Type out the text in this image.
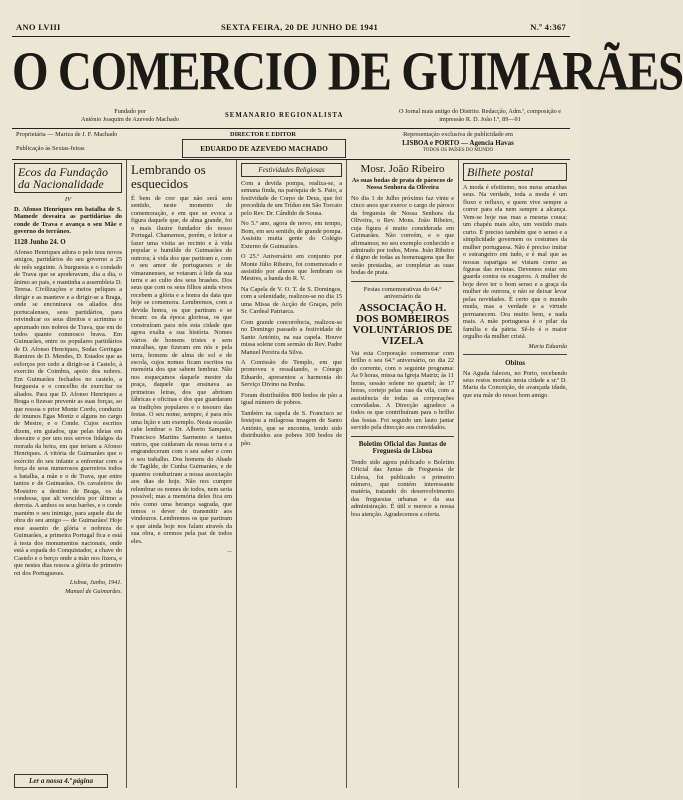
ANO LVIII	SEXTA FEIRA, 20 DE JUNHO DE 1941	N.º 4:367
O COMERCIO DE GUIMARÃES
Fundado por
António Joaquim de Azevedo Machado	SEMANARIO REGIONALISTA
O Jornal mais antigo do Distrito. Redacção, Adm.ª, composição e impressão R. D. João I.º, 89—91
Proprietária — Mariza de J. F. Machado
Publicação às Sextas-feiras
DIRECTOR E EDITOR
EDUARDO DE AZEVEDO MACHADO
Representação exclusiva de publicidade em
LISBOA e PORTO — Agencia Havas
TODOS OS PAÍSES DO MUNDO

Ecos da Fundação da Nacionalidade

IV

D. Afonso Henriques em batalha de S. Mamede desvaira as partidárias do conde de Trava e avança o seu Mãe e governo do terrâneo.

1128 Junho 24. O

Afonso Henriques adora o pelo teus novos amigos, partidários do seu governo a 25 de mês seguinte. A burguesia e o condado de Trava que se apoderavam, dia a dia, o ânimo ao pais, e mantinha a assembleia D. Teresa. Civilizações e meios peliques a dirigir e as manteve e a dirigir-se a Braga, onde se encontrava os aliados dos portucalenses, seus partidários, para reivindicar os seus direitos e acrimina o aprumado nos nobres de Trava, que em de todos quanto comnosco brava. Em Guimarães, entre os populares partidários de D. Afonso Henriques, Sodas Geringas Ramires de D. Mendes, D. Estados que as esforços por cedo a dirigir-se à Castelo, à exercito de Coimbra, apoio dos nobres. Em Guimarães fechados no castelo, a burguesia e o concelho de exercitar os aliados. Para que D. Afonso Henriques a Braga o fizesse prevenir as suas forças, ao que ressoa o prior Monte Cordo, conduziu de imunos Egas Moniz e alguns no cargo de Mestre, e o Conde. Cujos escritos dizem, em guiados, que pelas ideias em desvaire e por uns nos servos fidalgos da morada da beira, em que teriam a Afonso Henriques. A vitória de Guimarães que o exército do seu infante a enfrentar com a força de seus numerosos guerreiros todos a batalha, a mãe e o de Trava, que entre tantos e de Guimarães. Os cavaleiros do Mosteiro a destino de Braga, os da condessa, que ali vencidos por último a derrota. A ambos os seus barões, e o conde mantém o seu inimigo, para aquele dia de obra do seu amigo — de Guimarães! Hoje esse assento de glória e nobreza de Guimarães, a primeira Portugal fica e está à testa dos monumentos nacionais, onde está a espada do Conquistador, a chave do Castelo e o berço onde a mão nos fizera, e que nestes dias ressoa a glória do primeiro rei dos Portugueses.

Lisboa, Junho, 1941.

Manuel de Guimarães.

Ler a nossa 4.ª página

Lembrando os esquecidos

É bem de crer que não será sem sentido, neste momento de comemoração, e em que se evoca a figura daquele que, de alma grande, foi o mais ilustre fundador do nosso Portugal. Chamemos, porém, o leitor a fazer uma visita ao recinto e à vida popular e humilde de Guimarães de outrora; à vida dos que partiram e, com o seu amor de portugueses e de vimaranenses, se votaram à lide da sua terra e ao culto dos seus brasões. Dos seus que com os seus filhos ainda vivos recebem a glória e a honra da data que hoje se comemora. Lembremos, com a devida honra, os que partiram e se foram: os da época gloriosa, os que construíram para nós esta cidade que agora exalta a sua história. Nomes vários de homens tristes e sem muralhas, que fizeram em nós e pela terra, homens de alma de sol e de escola, cujos nomes ficam escritos na memória dos que sabem lembrar. Não nos esqueçamos daquele mestre da praça, daquele que ensinava as primeiras letras, dos que abriram fábricas e oficinas e dos que guardaram as tradições populares e o tesouro das festas. O seu nome, sempre, é para nós uma lição e um exemplo. Nesta ocasião cabe lembrar o Dr. Alberto Sampaio, Francisco Martins Sarmento e tantos outros, que cuidaram da nossa terra e a engrandeceram com o seu saber e com o seu trabalho. Dos homens do Abade de Tagilde, de Cunha Guimarães, e de quantos conduziram a nossa associação aos dias de hoje. Não nos cumpre relembrar os nomes de todos, nem seria possível; mas a memória deles fica em nós como uma herança sagrada, que temos o dever de transmitir aos vindouros. Lembremos os que partiram e que ainda hoje nos falam através da sua obra, e oremos pela paz de todos eles.

...

Festividades Religiosas

Com a devida pompa, realiza-se, a semana finda, na paróquia de S. Paio, a festividade de Corpo de Deus, que foi precedida de um Tríduo em São Torcato pelo Rev. Dr. Cândido de Sousa.

No 5.º ano, agora de novo, em tempo, Bom, em seu sentido, de grande pompa. Assistiu muita gente do Colégio Externo de Guimarães.

O 25.º Aniversário em conjunto por Monte Júlio Ribeiro, foi comemorado e assistido por alunos que lembram os Mestres, a banda do R. V.

Na Capela de V. O. T. de S. Domingos, com a solenidade, realizou-se no dia 15 uma Missa de Acção de Graças, pelo Sr. Cardeal Patriarca.

Com grande concorrência, realizou-se no Domingo passado a festividade de Santo António, na sua capela. Houve missa solene com sermão do Rev. Padre Manuel Pereira da Silva.

A Comissão do Templo, em que promoveu e ressaltando, o Cónego Eduardo, apresentou a harmonia do Serviço Divino na Penha.

Foram distribuídos 800 bodos de pão a igual número de pobres.

Também na capela de S. Francisco se festejou a milagrosa imagem de Santo António, que se encontra, tendo sido distribuídos aos pobres 300 bodos de pão.

Mosr. João Ribeiro

As suas bodas de prata de párocos de Nossa Senhora da Oliveira

No dia 1 de Julho próximo faz vinte e cinco anos que exerce o cargo de pároco da freguesia de Nossa Senhora da Oliveira, o Rev. Mons. João Ribeiro, cuja figura é muito considerada em Guimarães. Não convém, e o que afirmamos; no seu exemplo conhecido e admirado por todos, Mons. João Ribeiro é digno de todas as homenagens que lhe serão prestadas, ao completar as suas bodas de prata.

Festas comemorativas do 64.º aniversário da

ASSOCIAÇÃO H. DOS BOMBEIROS VOLUNTÁRIOS DE VIZELA

Vai esta Corporação comemorar com brilho o seu 64.º aniversário, no dia 22 do corrente, com o seguinte programa: Às 9 horas, missa na Igreja Matriz; às 11 horas, sessão solene no quartel; às 17 horas, cortejo pelas ruas da vila, com a assistência de todas as corporações convidadas. A Direcção agradece a todos os que contribuíram para o brilho das festas. Foi seguido um lauto jantar servido pela direcção aos convidados.

Boletim Oficial das Juntas de Freguesia de Lisboa

Tendo sido agora publicado o Boletim Oficial das Juntas de Freguesia de Lisboa, foi publicado o primeiro número, que contém interessante matéria, tratando do desenvolvimento das freguesias urbanas e da sua administração. É útil e merece a nossa boa atenção. Agradecemos a oferta.

Bilhete postal

A moda é efeitismo, nos meus amanhas seus. Na verdade, toda a moda é um fluxo e refluxo, e quem vive sempre a correr para ela nem sempre a alcança. Vem-se hoje nas ruas a mesma cousa; um chapéu mais alto, um vestido mais curto. É preciso também que o senso e a simplicidade governem os costumes da mulher portuguesa. Não é preciso imitar o estrangeiro em tudo, e é mal que as nossas raparigas se vistam como as figuras das revistas. Devemos estar em guarda contra os exageros. A mulher de hoje deve ter o bom senso e a graça da mulher de outrora, e não se deixar levar pelas novidades. É certo que o mundo muda, mas a verdade e a virtude permanecem. Ora muito bem, e nada mais. A mãe portuguesa é o pilar da família e da pátria. Sê-lo é o maior orgulho da mulher cristã.

Maria Eduarda

Obitos

Na Aguda faleceu, no Porto, recebendo seus restos mortais nesta cidade a sr.ª D. Maria da Conceição, de avançada idade, que era mãe do nosso bom amigo.
